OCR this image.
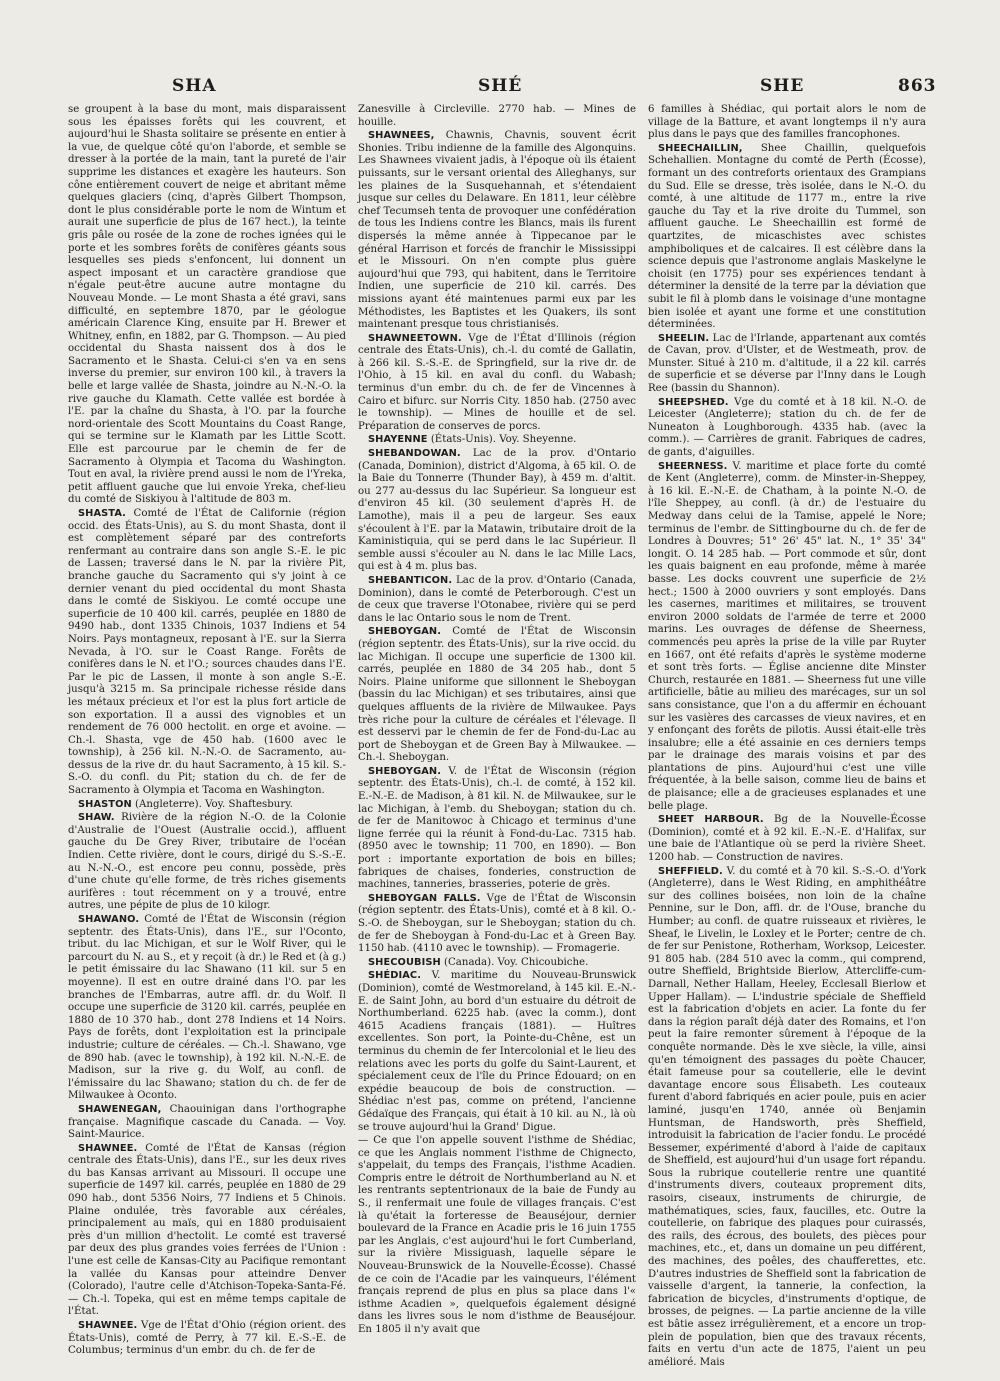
SHA	SHÉ	SHE	863

se groupent à la base du mont, mais disparaissent sous les épaisses forêts qui les couvrent, et aujourd'hui le Shasta solitaire se présente en entier à la vue, de quelque côté qu'on l'aborde, et semble se dresser à la portée de la main, tant la pureté de l'air supprime les distances et exagère les hauteurs. Son cône entièrement couvert de neige et abritant même quelques glaciers (cinq, d'après Gilbert Thompson, dont le plus considérable porte le nom de Wintum et aurait une superficie de plus de 167 hect.), la teinte gris pâle ou rosée de la zone de roches ignées qui le porte et les sombres forêts de conifères géants sous lesquelles ses pieds s'enfoncent, lui donnent un aspect imposant et un caractère grandiose que n'égale peut-être aucune autre montagne du Nouveau Monde. — Le mont Shasta a été gravi, sans difficulté, en septembre 1870, par le géologue américain Clarence King, ensuite par H. Brewer et Whitney, enfin, en 1882, par G. Thompson. — Au pied occidental du Shasta naissent dos à dos le Sacramento et le Shasta. Celui-ci s'en va en sens inverse du premier, sur environ 100 kil., à travers la belle et large vallée de Shasta, joindre au N.-N.-O. la rive gauche du Klamath. Cette vallée est bordée à l'E. par la chaîne du Shasta, à l'O. par la fourche nord-orientale des Scott Mountains du Coast Range, qui se termine sur le Klamath par les Little Scott. Elle est parcourue par le chemin de fer de Sacramento à Olympia et Tacoma du Washington. Tout en aval, la rivière prend aussi le nom de l'Yreka, petit affluent gauche que lui envoie Yreka, chef-lieu du comté de Siskiyou à l'altitude de 803 m.

SHASTA. Comté de l'État de Californie (région occid. des États-Unis), au S. du mont Shasta, dont il est complètement séparé par des contreforts renfermant au contraire dans son angle S.-E. le pic de Lassen; traversé dans le N. par la rivière Pit, branche gauche du Sacramento qui s'y joint à ce dernier venant du pied occidental du mont Shasta dans le comté de Siskiyou. Le comté occupe une superficie de 10 400 kil. carrés, peuplée en 1880 de 9490 hab., dont 1335 Chinois, 1037 Indiens et 54 Noirs. Pays montagneux, reposant à l'E. sur la Sierra Nevada, à l'O. sur le Coast Range. Forêts de conifères dans le N. et l'O.; sources chaudes dans l'E. Par le pic de Lassen, il monte à son angle S.-E. jusqu'à 3215 m. Sa principale richesse réside dans les métaux précieux et l'or est la plus fort article de son exportation. Il a aussi des vignobles et un rendement de 76 000 hectolit. en orge et avoine. — Ch.-l. Shasta, vge de 450 hab. (1600 avec le township), à 256 kil. N.-N.-O. de Sacramento, au-dessus de la rive dr. du haut Sacramento, à 15 kil. S.-S.-O. du confl. du Pit; station du ch. de fer de Sacramento à Olympia et Tacoma en Washington.

SHASTON (Angleterre). Voy. Shaftesbury.

SHAW. Rivière de la région N.-O. de la Colonie d'Australie de l'Ouest (Australie occid.), affluent gauche du De Grey River, tributaire de l'océan Indien. Cette rivière, dont le cours, dirigé du S.-S.-E. au N.-N.-O., est encore peu connu, possède, près d'une chute qu'elle forme, de très riches gisements aurifères : tout récemment on y a trouvé, entre autres, une pépite de plus de 10 kilogr.

SHAWANO. Comté de l'État de Wisconsin (région septentr. des États-Unis), dans l'E., sur l'Oconto, tribut. du lac Michigan, et sur le Wolf River, qui le parcourt du N. au S., et y reçoit (à dr.) le Red et (à g.) le petit émissaire du lac Shawano (11 kil. sur 5 en moyenne). Il est en outre drainé dans l'O. par les branches de l'Embarras, autre affl. dr. du Wolf. Il occupe une superficie de 3120 kil. carrés, peuplée en 1880 de 10 370 hab., dont 278 Indiens et 14 Noirs. Pays de forêts, dont l'exploitation est la principale industrie; culture de céréales. — Ch.-l. Shawano, vge de 890 hab. (avec le township), à 192 kil. N.-N.-E. de Madison, sur la rive g. du Wolf, au confl. de l'émissaire du lac Shawano; station du ch. de fer de Milwaukee à Oconto.

SHAWENEGAN, Chaouinigan dans l'orthographe française. Magnifique cascade du Canada. — Voy. Saint-Maurice.

SHAWNEE. Comté de l'État de Kansas (région centrale des États-Unis), dans l'E., sur les deux rives du bas Kansas arrivant au Missouri. Il occupe une superficie de 1497 kil. carrés, peuplée en 1880 de 29 090 hab., dont 5356 Noirs, 77 Indiens et 5 Chinois. Plaine ondulée, très favorable aux céréales, principalement au maïs, qui en 1880 produisaient près d'un million d'hectolit. Le comté est traversé par deux des plus grandes voies ferrées de l'Union : l'une est celle de Kansas-City au Pacifique remontant la vallée du Kansas pour atteindre Denver (Colorado), l'autre celle d'Atchison-Topeka-Santa-Fé. — Ch.-l. Topeka, qui est en même temps capitale de l'État.

SHAWNEE. Vge de l'État d'Ohio (région orient. des États-Unis), comté de Perry, à 77 kil. E.-S.-E. de Columbus; terminus d'un embr. du ch. de fer de

Zanesville à Circleville. 2770 hab. — Mines de houille.

SHAWNEES, Chawnis, Chavnis, souvent écrit Shonies. Tribu indienne de la famille des Algonquins. Les Shawnees vivaient jadis, à l'époque où ils étaient puissants, sur le versant oriental des Alleghanys, sur les plaines de la Susquehannah, et s'étendaient jusque sur celles du Delaware. En 1811, leur célèbre chef Tecumseh tenta de provoquer une confédération de tous les Indiens contre les Blancs, mais ils furent dispersés la même année à Tippecanoe par le général Harrison et forcés de franchir le Mississippi et le Missouri. On n'en compte plus guère aujourd'hui que 793, qui habitent, dans le Territoire Indien, une superficie de 210 kil. carrés. Des missions ayant été maintenues parmi eux par les Méthodistes, les Baptistes et les Quakers, ils sont maintenant presque tous christianisés.

SHAWNEETOWN. Vge de l'État d'Illinois (région centrale des États-Unis), ch.-l. du comté de Gallatin, à 266 kil. S.-S.-E. de Springfield, sur la rive dr. de l'Ohio, à 15 kil. en aval du confl. du Wabash; terminus d'un embr. du ch. de fer de Vincennes à Cairo et bifurc. sur Norris City. 1850 hab. (2750 avec le township). — Mines de houille et de sel. Préparation de conserves de porcs.

SHAYENNE (États-Unis). Voy. Sheyenne.

SHEBANDOWAN. Lac de la prov. d'Ontario (Canada, Dominion), district d'Algoma, à 65 kil. O. de la Baie du Tonnerre (Thunder Bay), à 459 m. d'altit. ou 277 au-dessus du lac Supérieur. Sa longueur est d'environ 45 kil. (30 seulement d'après H. de Lamothe), mais il a peu de largeur. Ses eaux s'écoulent à l'E. par la Matawin, tributaire droit de la Kaministiquia, qui se perd dans le lac Supérieur. Il semble aussi s'écouler au N. dans le lac Mille Lacs, qui est à 4 m. plus bas.

SHEBANTICON. Lac de la prov. d'Ontario (Canada, Dominion), dans le comté de Peterborough. C'est un de ceux que traverse l'Otonabee, rivière qui se perd dans le lac Ontario sous le nom de Trent.

SHEBOYGAN. Comté de l'État de Wisconsin (région septentr. des États-Unis), sur la rive occid. du lac Michigan. Il occupe une superficie de 1300 kil. carrés, peuplée en 1880 de 34 205 hab., dont 5 Noirs. Plaine uniforme que sillonnent le Sheboygan (bassin du lac Michigan) et ses tributaires, ainsi que quelques affluents de la rivière de Milwaukee. Pays très riche pour la culture de céréales et l'élevage. Il est desservi par le chemin de fer de Fond-du-Lac au port de Sheboygan et de Green Bay à Milwaukee. — Ch.-l. Sheboygan.

SHEBOYGAN. V. de l'État de Wisconsin (région septentr. des États-Unis), ch.-l. de comté, à 152 kil. E.-N.-E. de Madison, à 81 kil. N. de Milwaukee, sur le lac Michigan, à l'emb. du Sheboygan; station du ch. de fer de Manitowoc à Chicago et terminus d'une ligne ferrée qui la réunit à Fond-du-Lac. 7315 hab. (8950 avec le township; 11 700, en 1890). — Bon port : importante exportation de bois en billes; fabriques de chaises, fonderies, construction de machines, tanneries, brasseries, poterie de grès.

SHEBOYGAN FALLS. Vge de l'État de Wisconsin (région septentr. des États-Unis), comté et à 8 kil. O.-S.-O. de Sheboygan, sur le Sheboygan; station du ch. de fer de Sheboygan à Fond-du-Lac et à Green Bay. 1150 hab. (4110 avec le township). — Fromagerie.

SHECOUBISH (Canada). Voy. Chicoubiche.

SHÉDIAC. V. maritime du Nouveau-Brunswick (Dominion), comté de Westmoreland, à 145 kil. E.-N.-E. de Saint John, au bord d'un estuaire du détroit de Northumberland. 6225 hab. (avec la comm.), dont 4615 Acadiens français (1881). — Huîtres excellentes. Son port, la Pointe-du-Chêne, est un terminus du chemin de fer Intercolonial et le lieu des relations avec les ports du golfe du Saint-Laurent, et spécialement ceux de l'île du Prince Édouard; on en expédie beaucoup de bois de construction. — Shédiac n'est pas, comme on prétend, l'ancienne Gédaïque des Français, qui était à 10 kil. au N., là où se trouve aujourd'hui la Grand' Digue.

— Ce que l'on appelle souvent l'isthme de Shédiac, ce que les Anglais nomment l'isthme de Chignecto, s'appelait, du temps des Français, l'isthme Acadien. Compris entre le détroit de Northumberland au N. et les rentrants septentrionaux de la baie de Fundy au S., il renfermait une foule de villages français. C'est là qu'était la forteresse de Beauséjour, dernier boulevard de la France en Acadie pris le 16 juin 1755 par les Anglais, c'est aujourd'hui le fort Cumberland, sur la rivière Missiguash, laquelle sépare le Nouveau-Brunswick de la Nouvelle-Écosse). Chassé de ce coin de l'Acadie par les vainqueurs, l'élément français reprend de plus en plus sa place dans l'« isthme Acadien », quelquefois également désigné dans les livres sous le nom d'isthme de Beauséjour. En 1805 il n'y avait que

6 familles à Shédiac, qui portait alors le nom de village de la Batture, et avant longtemps il n'y aura plus dans le pays que des familles francophones.

SHEECHAILLIN, Shee Chaillin, quelquefois Schehallien. Montagne du comté de Perth (Écosse), formant un des contreforts orientaux des Grampians du Sud. Elle se dresse, très isolée, dans le N.-O. du comté, à une altitude de 1177 m., entre la rive gauche du Tay et la rive droite du Tummel, son affluent gauche. Le Sheechaillin est formé de quartzites, de micaschistes avec schistes amphiboliques et de calcaires. Il est célèbre dans la science depuis que l'astronome anglais Maskelyne le choisit (en 1775) pour ses expériences tendant à déterminer la densité de la terre par la déviation que subit le fil à plomb dans le voisinage d'une montagne bien isolée et ayant une forme et une constitution déterminées.

SHEELIN. Lac de l'Irlande, appartenant aux comtés de Cavan, prov. d'Ulster, et de Westmeath, prov. de Munster. Situé à 210 m. d'altitude, il a 22 kil. carrés de superficie et se déverse par l'Inny dans le Lough Ree (bassin du Shannon).

SHEEPSHED. Vge du comté et à 18 kil. N.-O. de Leicester (Angleterre); station du ch. de fer de Nuneaton à Loughborough. 4335 hab. (avec la comm.). — Carrières de granit. Fabriques de cadres, de gants, d'aiguilles.

SHEERNESS. V. maritime et place forte du comté de Kent (Angleterre), comm. de Minster-in-Sheppey, à 16 kil. E.-N.-E. de Chatham, à la pointe N.-O. de l'île Sheppey, au confl. (à dr.) de l'estuaire du Medway dans celui de la Tamise, appelé le Nore; terminus de l'embr. de Sittingbourne du ch. de fer de Londres à Douvres; 51° 26' 45" lat. N., 1° 35' 34" longit. O. 14 285 hab. — Port commode et sûr, dont les quais baignent en eau profonde, même à marée basse. Les docks couvrent une superficie de 2½ hect.; 1500 à 2000 ouvriers y sont employés. Dans les casernes, maritimes et militaires, se trouvent environ 2000 soldats de l'armée de terre et 2000 marins. Les ouvrages de défense de Sheerness, commencés peu après la prise de la ville par Ruyter en 1667, ont été refaits d'après le système moderne et sont très forts. — Église ancienne dite Minster Church, restaurée en 1881. — Sheerness fut une ville artificielle, bâtie au milieu des marécages, sur un sol sans consistance, que l'on a du affermir en échouant sur les vasières des carcasses de vieux navires, et en y enfonçant des forêts de pilotis. Aussi était-elle très insalubre; elle a été assainie en ces derniers temps par le drainage des marais voisins et par des plantations de pins. Aujourd'hui c'est une ville fréquentée, à la belle saison, comme lieu de bains et de plaisance; elle a de gracieuses esplanades et une belle plage.

SHEET HARBOUR. Bg de la Nouvelle-Écosse (Dominion), comté et à 92 kil. E.-N.-E. d'Halifax, sur une baie de l'Atlantique où se perd la rivière Sheet. 1200 hab. — Construction de navires.

SHEFFIELD. V. du comté et à 70 kil. S.-S.-O. d'York (Angleterre), dans le West Riding, en amphithéâtre sur des collines boisées, non loin de la chaîne Pennine, sur le Don, affl. dr. de l'Ouse, branche du Humber; au confl. de quatre ruisseaux et rivières, le Sheaf, le Livelin, le Loxley et le Porter; centre de ch. de fer sur Penistone, Rotherham, Worksop, Leicester. 91 805 hab. (284 510 avec la comm., qui comprend, outre Sheffield, Brightside Bierlow, Attercliffe-cum-Darnall, Nether Hallam, Heeley, Ecclesall Bierlow et Upper Hallam). — L'industrie spéciale de Sheffield est la fabrication d'objets en acier. La fonte du fer dans la région paraît déjà dater des Romains, et l'on peut la faire remonter sûrement à l'époque de la conquête normande. Dès le xve siècle, la ville, ainsi qu'en témoignent des passages du poète Chaucer, était fameuse pour sa coutellerie, elle le devint davantage encore sous Élisabeth. Les couteaux furent d'abord fabriqués en acier poule, puis en acier laminé, jusqu'en 1740, année où Benjamin Huntsman, de Handsworth, près Sheffield, introduisit la fabrication de l'acier fondu. Le procédé Bessemer, expérimenté d'abord à l'aide de capitaux de Sheffield, est aujourd'hui d'un usage fort répandu. Sous la rubrique coutellerie rentre une quantité d'instruments divers, couteaux proprement dits, rasoirs, ciseaux, instruments de chirurgie, de mathématiques, scies, faux, faucilles, etc. Outre la coutellerie, on fabrique des plaques pour cuirassés, des rails, des écrous, des boulets, des pièces pour machines, etc., et, dans un domaine un peu différent, des machines, des poêles, des chaufferettes, etc. D'autres industries de Sheffield sont la fabrication de vaisselle d'argent, la tannerie, la confection, la fabrication de bicycles, d'instruments d'optique, de brosses, de peignes. — La partie ancienne de la ville est bâtie assez irrégulièrement, et a encore un trop-plein de population, bien que des travaux récents, faits en vertu d'un acte de 1875, l'aient un peu amélioré. Mais
